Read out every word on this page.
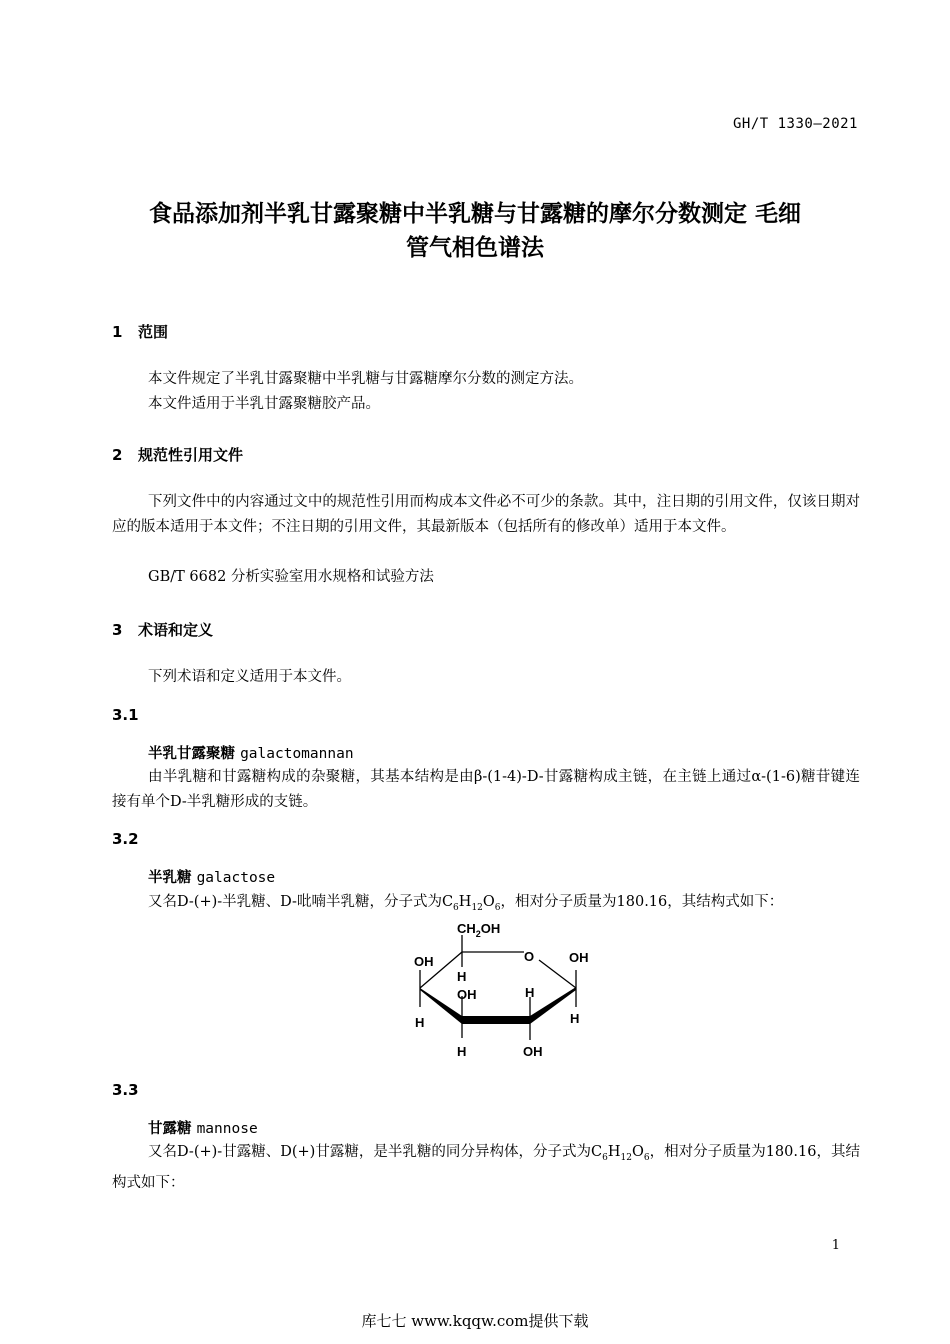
GH/T 1330—2021
食品添加剂半乳甘露聚糖中半乳糖与甘露糖的摩尔分数测定 毛细
管气相色谱法
1 范围
本文件规定了半乳甘露聚糖中半乳糖与甘露糖摩尔分数的测定方法。
本文件适用于半乳甘露聚糖胶产品。
2 规范性引用文件
下列文件中的内容通过文中的规范性引用而构成本文件必不可少的条款。其中，注日期的引用文件，仅该日期对应的版本适用于本文件；不注日期的引用文件，其最新版本（包括所有的修改单）适用于本文件。
GB/T 6682 分析实验室用水规格和试验方法
3 术语和定义
下列术语和定义适用于本文件。
3.1
半乳甘露聚糖 galactomannan
由半乳糖和甘露糖构成的杂聚糖，其基本结构是由β-(1-4)-D-甘露糖构成主链，在主链上通过α-(1-6)糖苷键连接有单个D-半乳糖形成的支链。
3.2
半乳糖 galactose
又名D-(+)-半乳糖、D-吡喃半乳糖，分子式为$C_6H_{12}O_6$，相对分子质量为180.16，其结构式如下：
$CH_2OH$
O
OH
H
OH	H
OH
H	H
H	OH
3.3
甘露糖 mannose
又名D-(+)-甘露糖、D(+)甘露糖，是半乳糖的同分异构体，分子式为$C_6H_{12}O_6$，相对分子质量为180.16，其结构式如下：
1
库七七 www.kqqw.com提供下载
